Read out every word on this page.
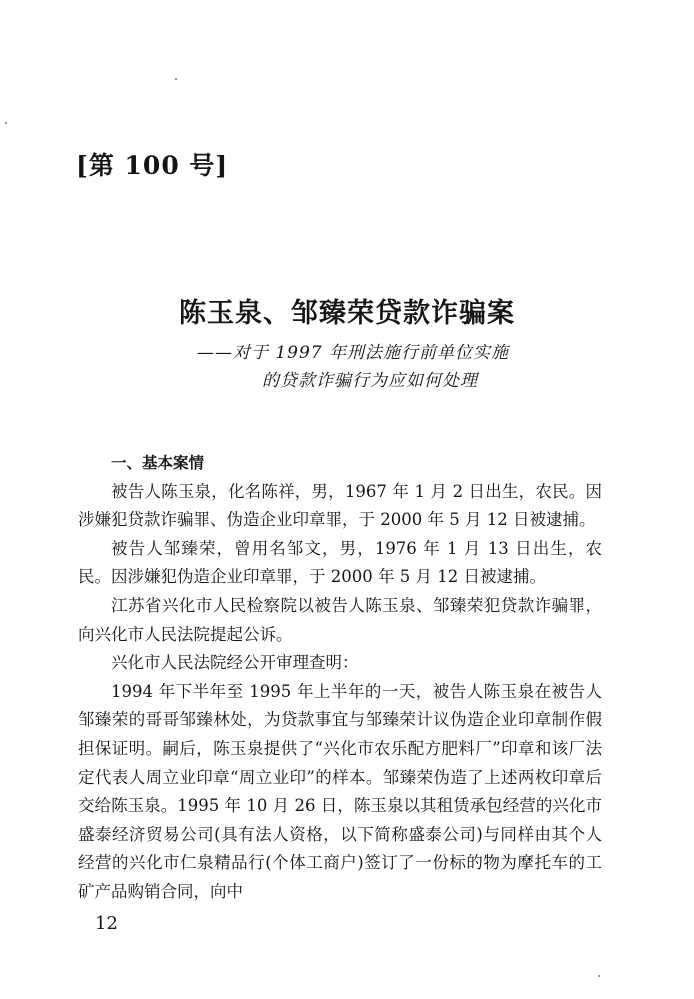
[第 100 号]
陈玉泉、邹臻荣贷款诈骗案
——对于 1997 年刑法施行前单位实施
的贷款诈骗行为应如何处理
一、基本案情

被告人陈玉泉，化名陈祥，男，1967 年 1 月 2 日出生，农民。因涉嫌犯贷款诈骗罪、伪造企业印章罪，于 2000 年 5 月 12 日被逮捕。

被告人邹臻荣，曾用名邹文，男，1976 年 1 月 13 日出生，农民。因涉嫌犯伪造企业印章罪，于 2000 年 5 月 12 日被逮捕。

江苏省兴化市人民检察院以被告人陈玉泉、邹臻荣犯贷款诈骗罪，向兴化市人民法院提起公诉。

兴化市人民法院经公开审理查明：

1994 年下半年至 1995 年上半年的一天，被告人陈玉泉在被告人邹臻荣的哥哥邹臻林处，为贷款事宜与邹臻荣计议伪造企业印章制作假担保证明。嗣后，陈玉泉提供了“兴化市农乐配方肥料厂”印章和该厂法定代表人周立业印章“周立业印”的样本。邹臻荣伪造了上述两枚印章后交给陈玉泉。1995 年 10 月 26 日，陈玉泉以其租赁承包经营的兴化市盛泰经济贸易公司(具有法人资格，以下简称盛泰公司)与同样由其个人经营的兴化市仁泉精品行(个体工商户)签订了一份标的物为摩托车的工矿产品购销合同，向中

12
